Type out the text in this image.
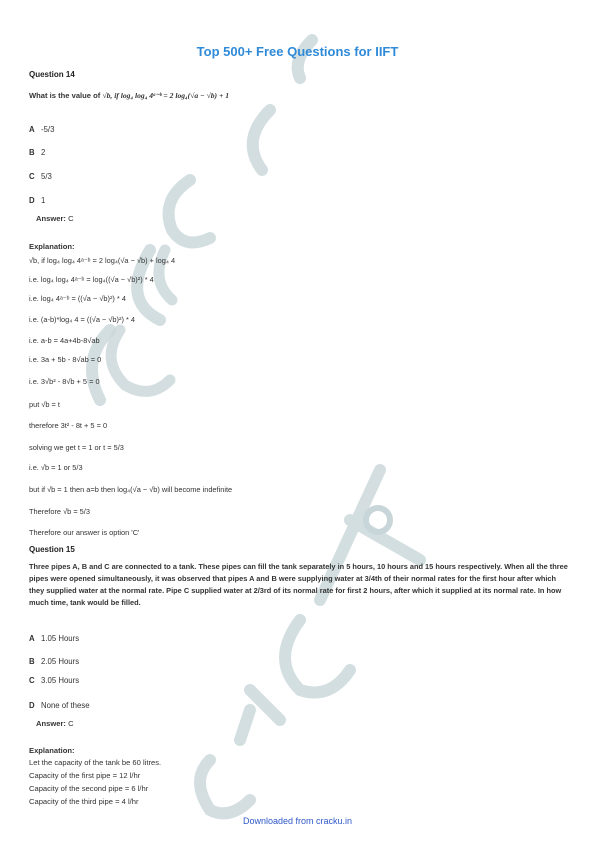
Top 500+ Free Questions for IIFT
Question 14
What is the value of √b, if log₄ log₄ 4ᵃ⁻ᵇ = 2 log₄(√a − √b) + 1
A -5/3
B 2
C 5/3
D 1
Answer: C
Explanation:
√b, if log₄ log₄ 4ᵃ⁻ᵇ = 2 log₄(√a − √b) + log₄ 4
i.e. log₄ log₄ 4ᵃ⁻ᵇ = log₄((√a − √b)²) * 4
i.e. log₄ 4ᵃ⁻ᵇ = ((√a − √b)²) * 4
i.e. (a-b)*log₄ 4 = ((√a − √b)²) * 4
i.e. a-b = 4a+4b-8√ab
i.e. 3a + 5b - 8√ab = 0
i.e. 3√b² - 8√b + 5 = 0
put √b = t
therefore 3t² - 8t + 5 = 0
solving we get t = 1 or t = 5/3
i.e. √b = 1 or 5/3
but if √b = 1 then a=b then log₄(√a − √b) will become indefinite
Therefore √b = 5/3
Therefore our answer is option 'C'
Question 15
Three pipes A, B and C are connected to a tank. These pipes can fill the tank separately in 5 hours, 10 hours and 15 hours respectively. When all the three pipes were opened simultaneously, it was observed that pipes A and B were supplying water at 3/4th of their normal rates for the first hour after which they supplied water at the normal rate. Pipe C supplied water at 2/3rd of its normal rate for first 2 hours, after which it supplied at its normal rate. In how much time, tank would be filled.
A 1.05 Hours
B 2.05 Hours
C 3.05 Hours
D None of these
Answer: C
Explanation:
Let the capacity of the tank be 60 litres.
Capacity of the first pipe = 12 l/hr
Capacity of the second pipe = 6 l/hr
Capacity of the third pipe = 4 l/hr
Downloaded from cracku.in
